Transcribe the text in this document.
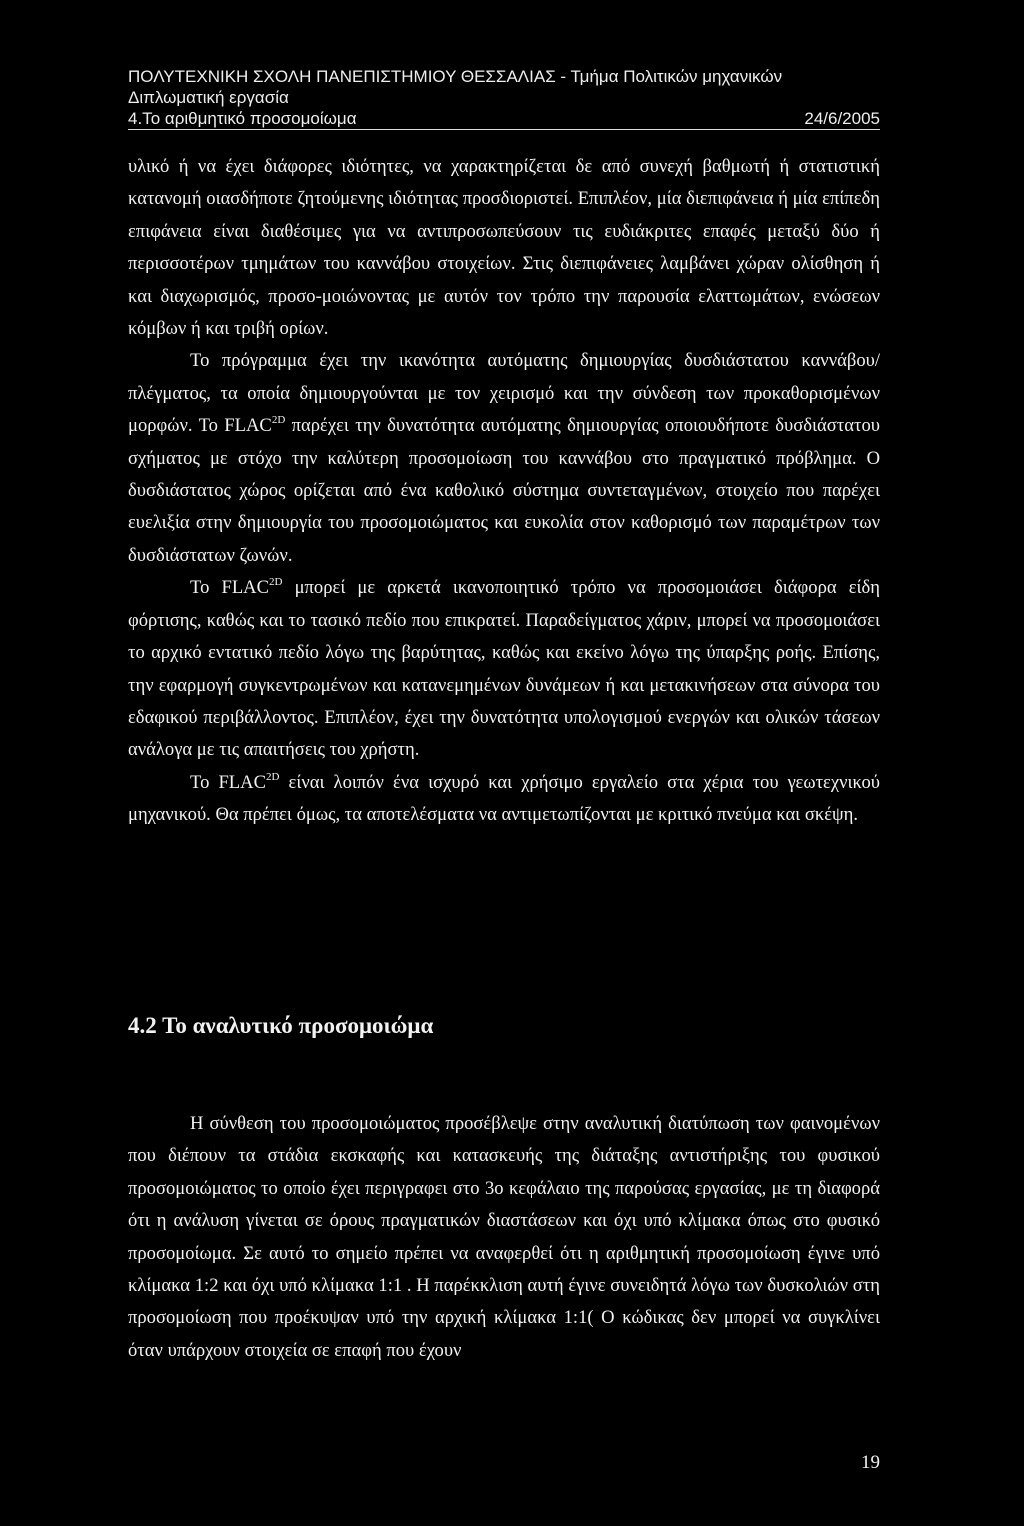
ΠΟΛΥΤΕΧΝΙΚΗ ΣΧΟΛΗ ΠΑΝΕΠΙΣΤΗΜΙΟΥ ΘΕΣΣΑΛΙΑΣ - Τμήμα Πολιτικών μηχανικών
Διπλωματική εργασία
4.Το αριθμητικό προσομοίωμα	24/6/2005

υλικό ή να έχει διάφορες ιδιότητες, να χαρακτηρίζεται δε από συνεχή βαθμωτή ή στατιστική κατανομή οιασδήποτε ζητούμενης ιδιότητας προσδιοριστεί. Επιπλέον, μία διεπιφάνεια ή μία επίπεδη επιφάνεια είναι διαθέσιμες για να αντιπροσωπεύσουν τις ευδιάκριτες επαφές μεταξύ δύο ή περισσοτέρων τμημάτων του καννάβου στοιχείων. Στις διεπιφάνειες λαμβάνει χώραν ολίσθηση ή και διαχωρισμός, προσο-μοιώνοντας με αυτόν τον τρόπο την παρουσία ελαττωμάτων, ενώσεων κόμβων ή και τριβή ορίων.

Το πρόγραμμα έχει την ικανότητα αυτόματης δημιουργίας δυσδιάστατου καννάβου/πλέγματος, τα οποία δημιουργούνται με τον χειρισμό και την σύνδεση των προκαθορισμένων μορφών. Το $FLAC^{2D}$ παρέχει την δυνατότητα αυτόματης δημιουργίας οποιουδήποτε δυσδιάστατου σχήματος με στόχο την καλύτερη προσομοίωση του καννάβου στο πραγματικό πρόβλημα. Ο δυσδιάστατος χώρος ορίζεται από ένα καθολικό σύστημα συντεταγμένων, στοιχείο που παρέχει ευελιξία στην δημιουργία του προσομοιώματος και ευκολία στον καθορισμό των παραμέτρων των δυσδιάστατων ζωνών.

Το $FLAC^{2D}$ μπορεί με αρκετά ικανοποιητικό τρόπο να προσομοιάσει διάφορα είδη φόρτισης, καθώς και το τασικό πεδίο που επικρατεί. Παραδείγματος χάριν, μπορεί να προσομοιάσει το αρχικό εντατικό πεδίο λόγω της βαρύτητας, καθώς και εκείνο λόγω της ύπαρξης ροής. Επίσης, την εφαρμογή συγκεντρωμένων και κατανεμημένων δυνάμεων ή και μετακινήσεων στα σύνορα του εδαφικού περιβάλλοντος. Επιπλέον, έχει την δυνατότητα υπολογισμού ενεργών και ολικών τάσεων ανάλογα με τις απαιτήσεις του χρήστη.

Το $FLAC^{2D}$ είναι λοιπόν ένα ισχυρό και χρήσιμο εργαλείο στα χέρια του γεωτεχνικού μηχανικού. Θα πρέπει όμως, τα αποτελέσματα να αντιμετωπίζονται με κριτικό πνεύμα και σκέψη.

4.2 Το αναλυτικό προσομοιώμα

Η σύνθεση του προσομοιώματος προσέβλεψε στην αναλυτική διατύπωση των φαινομένων που διέπουν τα στάδια εκσκαφής και κατασκευής της διάταξης αντιστήριξης του φυσικού προσομοιώματος το οποίο έχει περιγραφει στο 3ο κεφάλαιο της παρούσας εργασίας, με τη διαφορά ότι η ανάλυση γίνεται σε όρους πραγματικών διαστάσεων και όχι υπό κλίμακα όπως στο φυσικό προσομοίωμα. Σε αυτό το σημείο πρέπει να αναφερθεί ότι η αριθμητική προσομοίωση έγινε υπό κλίμακα 1:2 και όχι υπό κλίμακα 1:1 . Η παρέκκλιση αυτή έγινε συνειδητά λόγω των δυσκολιών στη προσομοίωση που προέκυψαν υπό την αρχική κλίμακα 1:1( Ο κώδικας δεν μπορεί να συγκλίνει όταν υπάρχουν στοιχεία σε επαφή που έχουν

19
